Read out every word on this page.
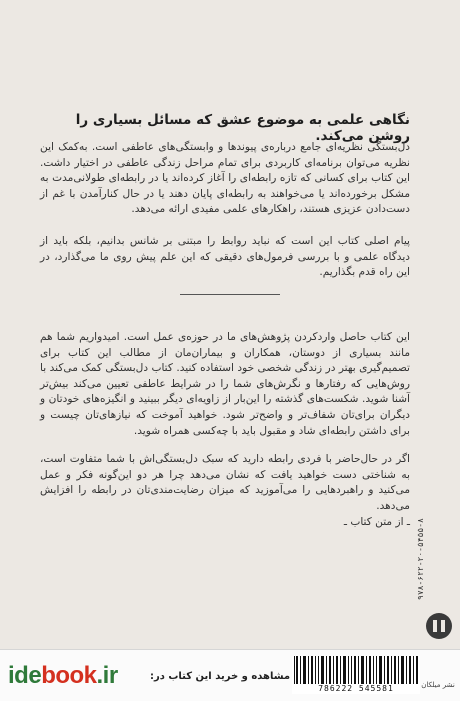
نگاهی علمی به موضوع عشق که مسائل بسیاری را روشن می‌کند.
دل‌بستگی نظریه‌ای جامع درباره‌ی پیوندها و وابستگی‌های عاطفی است. به‌کمک این نظریه می‌توان برنامه‌ای کاربردی برای تمام مراحل زندگی عاطفی در اختیار داشت. این کتاب برای کسانی که تازه رابطه‌ای را آغاز کرده‌اند یا در رابطه‌ای طولانی‌مدت به مشکل برخورده‌اند یا می‌خواهند به رابطه‌ای پایان دهند یا در حال کنارآمدن با غم از دست‌دادن عزیزی هستند، راهکارهای علمی مفیدی ارائه می‌دهد.
پیام اصلی کتاب این است که نباید روابط را مبتنی بر شانس بدانیم، بلکه باید از دیدگاه علمی و با بررسی فرمول‌های دقیقی که این علم پیش روی ما می‌گذارد، در این راه قدم بگذاریم.
این کتاب حاصل واردکردن پژوهش‌های ما در حوزه‌ی عمل است. امیدواریم شما هم مانند بسیاری از دوستان، همکاران و بیماران‌مان از مطالب این کتاب برای تصمیم‌گیری بهتر در زندگی شخصی خود استفاده کنید. کتاب دل‌بستگی کمک می‌کند با روش‌هایی که رفتارها و نگرش‌های شما را در شرایط عاطفی تعیین می‌کند بیش‌تر آشنا شوید. شکست‌های گذشته را این‌بار از زاویه‌ای دیگر ببینید و انگیزه‌های خودتان و دیگران برای‌تان شفاف‌تر و واضح‌تر شود. خواهید آموخت که نیازهای‌تان چیست و برای داشتن رابطه‌ای شاد و مقبول باید با چه‌کسی همراه شوید.
اگر در حال‌حاضر با فردی رابطه دارید که سبک دل‌بستگی‌اش با شما متفاوت است، به‌ شناختی دست خواهید یافت که نشان می‌دهد چرا هر دو این‌گونه فکر و عمل می‌کنید و راهبردهایی را می‌آموزید که میزان رضایت‌مندی‌تان در رابطه را افزایش می‌دهد.
ـ از متن کتاب ـ ۹۷۸-۶۲۲-۲۰-۵۴۵۵-۸
idebook.ir	مشاهده و خرید این کتاب در:
786222 545581	نشر میلکان
